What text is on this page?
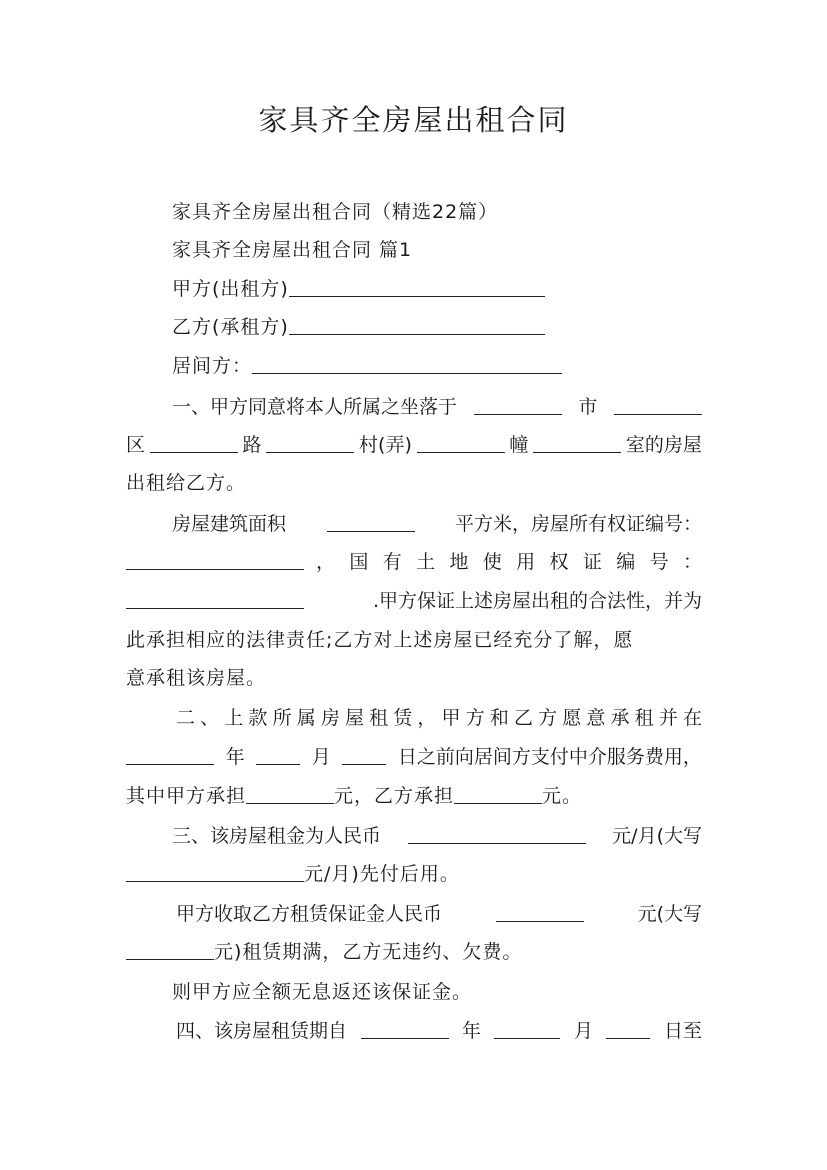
家具齐全房屋出租合同
家具齐全房屋出租合同（精选22篇）
家具齐全房屋出租合同 篇1
甲方(出租方)
乙方(承租方)
居间方：
一、甲方同意将本人所属之坐落于	市
区	路	村(弄)	幢	室的房屋
出租给乙方。
房屋建筑面积	平方米，房屋所有权证编号：
， 国 有 土 地 使 用 权 证 编 号 ：
.甲方保证上述房屋出租的合法性，并为
此承担相应的法律责任;乙方对上述房屋已经充分了解，愿
意承租该房屋。
二 、 上 款 所 属 房 屋 租 赁 ， 甲 方 和 乙 方 愿 意 承 租 并 在
年	月	日之前向居间方支付中介服务费用，
其中甲方承担	元，乙方承担	元。
三、该房屋租金为人民币	元/月(大写
元/月)先付后用。
甲方收取乙方租赁保证金人民币	元(大写
元)租赁期满，乙方无违约、欠费。
则甲方应全额无息返还该保证金。
四、该房屋租赁期自	年	月	日至
